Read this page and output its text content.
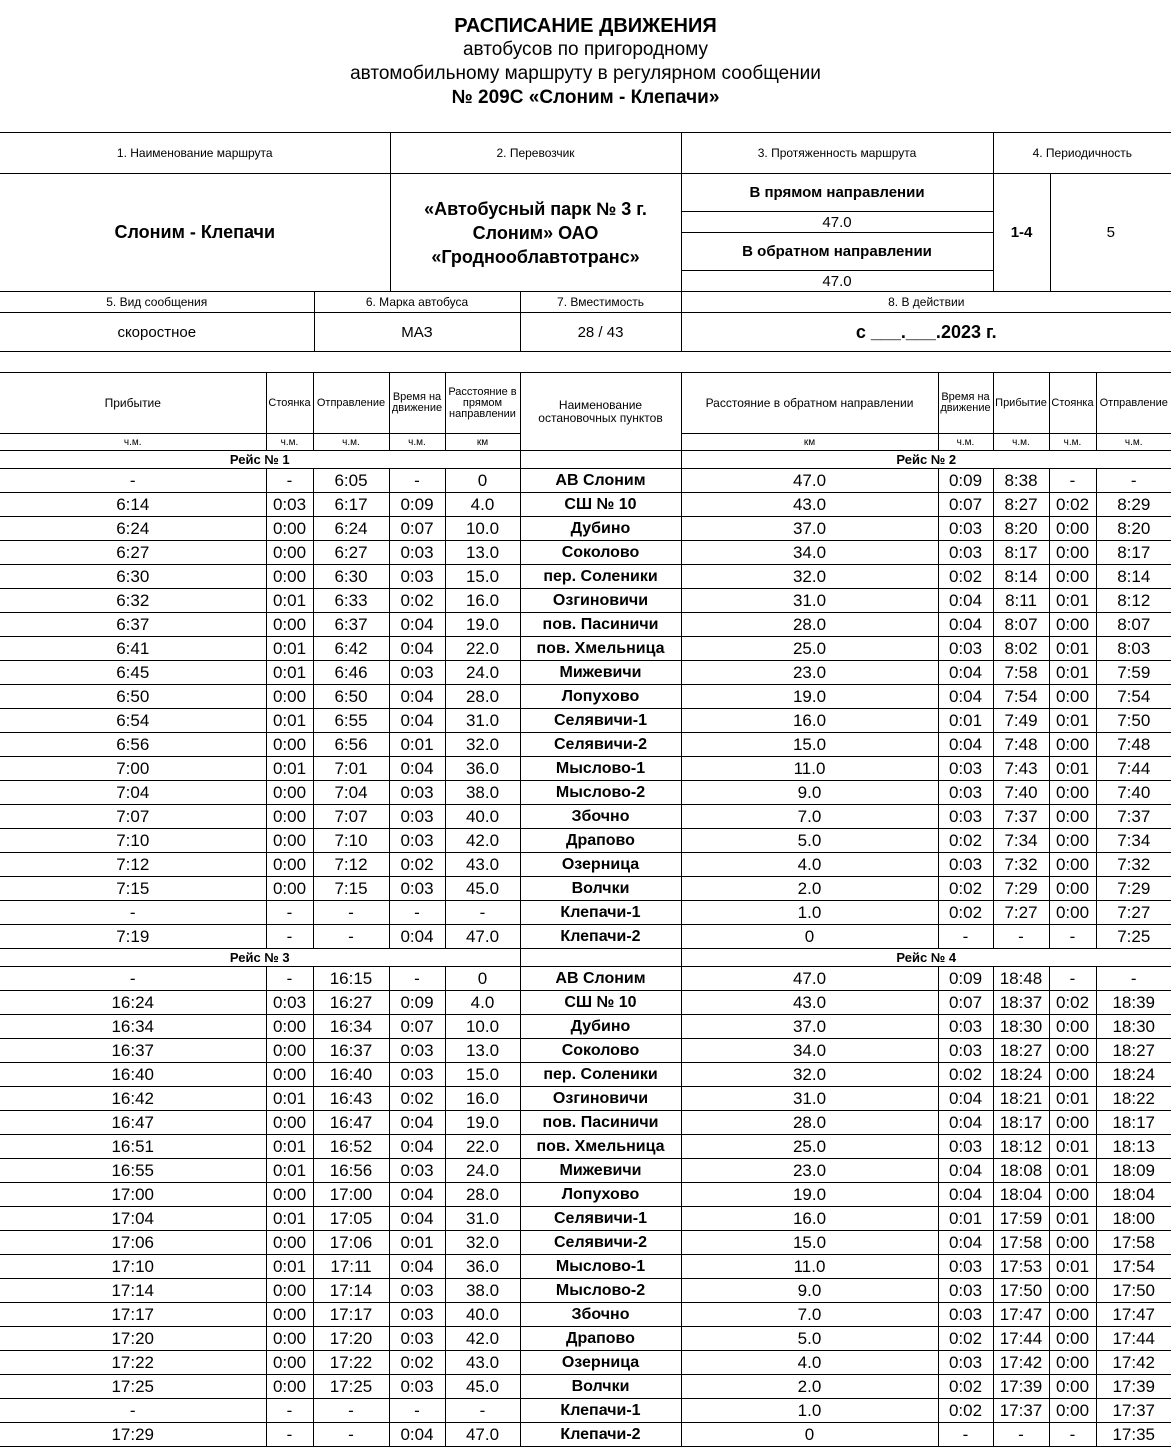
РАСПИСАНИЕ ДВИЖЕНИЯ
автобусов по пригородному
автомобильному маршруту в регулярном сообщении
№ 209С «Слоним - Клепачи»
1. Наименование маршрута		2. Перевозчик		3. Протяженность маршрута	4. Периодичность	
Слоним - Клепачи		«Автобусный парк № 3 г. Слоним» ОАО «Гроднооблавтотранс»		В прямом направлении	1-4	5
				47.0		
				В обратном направлении		
				47.0		
5. Вид сообщения	6. Марка автобуса		7. Вместимость	8. В действии		
скоростное	МАЗ		28 / 43	с ___.___.2023 г.		
Прибытие	Стоянка	Отправление	Время на движение	Расстояние в прямом направлении	Наименование остановочных пунктов	Расстояние в обратном направлении	Время на движение	Прибытие	Стоянка	Отправление
ч.м.	ч.м.	ч.м.	ч.м.	км		км	ч.м.	ч.м.	ч.м.	ч.м.
Рейс № 1						Рейс № 2				
-	-	6:05	-	0	АВ Слоним	47.0	0:09	8:38	-	-
6:14	0:03	6:17	0:09	4.0	СШ № 10	43.0	0:07	8:27	0:02	8:29
6:24	0:00	6:24	0:07	10.0	Дубино	37.0	0:03	8:20	0:00	8:20
6:27	0:00	6:27	0:03	13.0	Соколово	34.0	0:03	8:17	0:00	8:17
6:30	0:00	6:30	0:03	15.0	пер. Соленики	32.0	0:02	8:14	0:00	8:14
6:32	0:01	6:33	0:02	16.0	Озгиновичи	31.0	0:04	8:11	0:01	8:12
6:37	0:00	6:37	0:04	19.0	пов. Пасиничи	28.0	0:04	8:07	0:00	8:07
6:41	0:01	6:42	0:04	22.0	пов. Хмельница	25.0	0:03	8:02	0:01	8:03
6:45	0:01	6:46	0:03	24.0	Мижевичи	23.0	0:04	7:58	0:01	7:59
6:50	0:00	6:50	0:04	28.0	Лопухово	19.0	0:04	7:54	0:00	7:54
6:54	0:01	6:55	0:04	31.0	Селявичи-1	16.0	0:01	7:49	0:01	7:50
6:56	0:00	6:56	0:01	32.0	Селявичи-2	15.0	0:04	7:48	0:00	7:48
7:00	0:01	7:01	0:04	36.0	Мыслово-1	11.0	0:03	7:43	0:01	7:44
7:04	0:00	7:04	0:03	38.0	Мыслово-2	9.0	0:03	7:40	0:00	7:40
7:07	0:00	7:07	0:03	40.0	Збочно	7.0	0:03	7:37	0:00	7:37
7:10	0:00	7:10	0:03	42.0	Драпово	5.0	0:02	7:34	0:00	7:34
7:12	0:00	7:12	0:02	43.0	Озерница	4.0	0:03	7:32	0:00	7:32
7:15	0:00	7:15	0:03	45.0	Волчки	2.0	0:02	7:29	0:00	7:29
-	-	-	-	-	Клепачи-1	1.0	0:02	7:27	0:00	7:27
7:19	-	-	0:04	47.0	Клепачи-2	0	-	-	-	7:25
Рейс № 3						Рейс № 4				
-	-	16:15	-	0	АВ Слоним	47.0	0:09	18:48	-	-
16:24	0:03	16:27	0:09	4.0	СШ № 10	43.0	0:07	18:37	0:02	18:39
16:34	0:00	16:34	0:07	10.0	Дубино	37.0	0:03	18:30	0:00	18:30
16:37	0:00	16:37	0:03	13.0	Соколово	34.0	0:03	18:27	0:00	18:27
16:40	0:00	16:40	0:03	15.0	пер. Соленики	32.0	0:02	18:24	0:00	18:24
16:42	0:01	16:43	0:02	16.0	Озгиновичи	31.0	0:04	18:21	0:01	18:22
16:47	0:00	16:47	0:04	19.0	пов. Пасиничи	28.0	0:04	18:17	0:00	18:17
16:51	0:01	16:52	0:04	22.0	пов. Хмельница	25.0	0:03	18:12	0:01	18:13
16:55	0:01	16:56	0:03	24.0	Мижевичи	23.0	0:04	18:08	0:01	18:09
17:00	0:00	17:00	0:04	28.0	Лопухово	19.0	0:04	18:04	0:00	18:04
17:04	0:01	17:05	0:04	31.0	Селявичи-1	16.0	0:01	17:59	0:01	18:00
17:06	0:00	17:06	0:01	32.0	Селявичи-2	15.0	0:04	17:58	0:00	17:58
17:10	0:01	17:11	0:04	36.0	Мыслово-1	11.0	0:03	17:53	0:01	17:54
17:14	0:00	17:14	0:03	38.0	Мыслово-2	9.0	0:03	17:50	0:00	17:50
17:17	0:00	17:17	0:03	40.0	Збочно	7.0	0:03	17:47	0:00	17:47
17:20	0:00	17:20	0:03	42.0	Драпово	5.0	0:02	17:44	0:00	17:44
17:22	0:00	17:22	0:02	43.0	Озерница	4.0	0:03	17:42	0:00	17:42
17:25	0:00	17:25	0:03	45.0	Волчки	2.0	0:02	17:39	0:00	17:39
-	-	-	-	-	Клепачи-1	1.0	0:02	17:37	0:00	17:37
17:29	-	-	0:04	47.0	Клепачи-2	0	-	-	-	17:35
